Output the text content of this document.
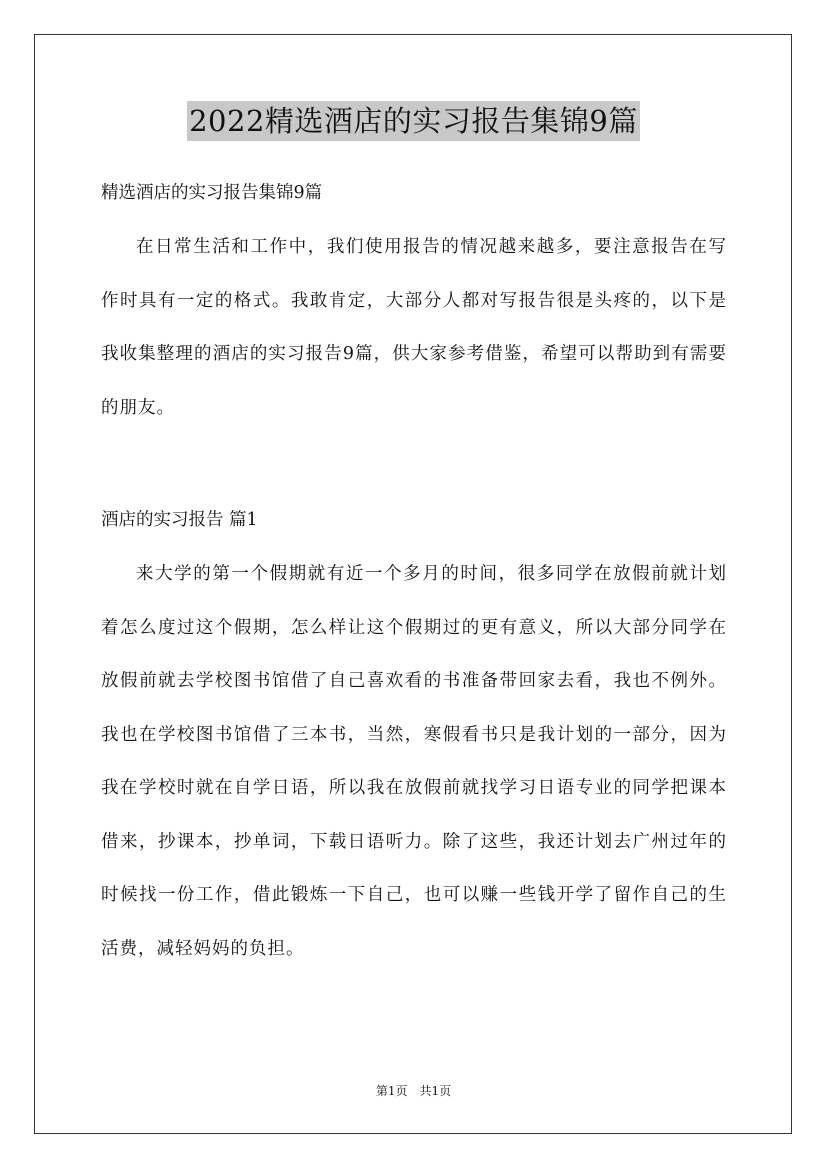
2022精选酒店的实习报告集锦9篇

精选酒店的实习报告集锦9篇

在日常生活和工作中，我们使用报告的情况越来越多，要注意报告在写作时具有一定的格式。我敢肯定，大部分人都对写报告很是头疼的，以下是我收集整理的酒店的实习报告9篇，供大家参考借鉴，希望可以帮助到有需要的朋友。

酒店的实习报告 篇1

来大学的第一个假期就有近一个多月的时间，很多同学在放假前就计划着怎么度过这个假期，怎么样让这个假期过的更有意义，所以大部分同学在放假前就去学校图书馆借了自己喜欢看的书准备带回家去看，我也不例外。我也在学校图书馆借了三本书，当然，寒假看书只是我计划的一部分，因为我在学校时就在自学日语，所以我在放假前就找学习日语专业的同学把课本借来，抄课本，抄单词，下载日语听力。除了这些，我还计划去广州过年的时候找一份工作，借此锻炼一下自己，也可以赚一些钱开学了留作自己的生活费，减轻妈妈的负担。

第1页　共1页
